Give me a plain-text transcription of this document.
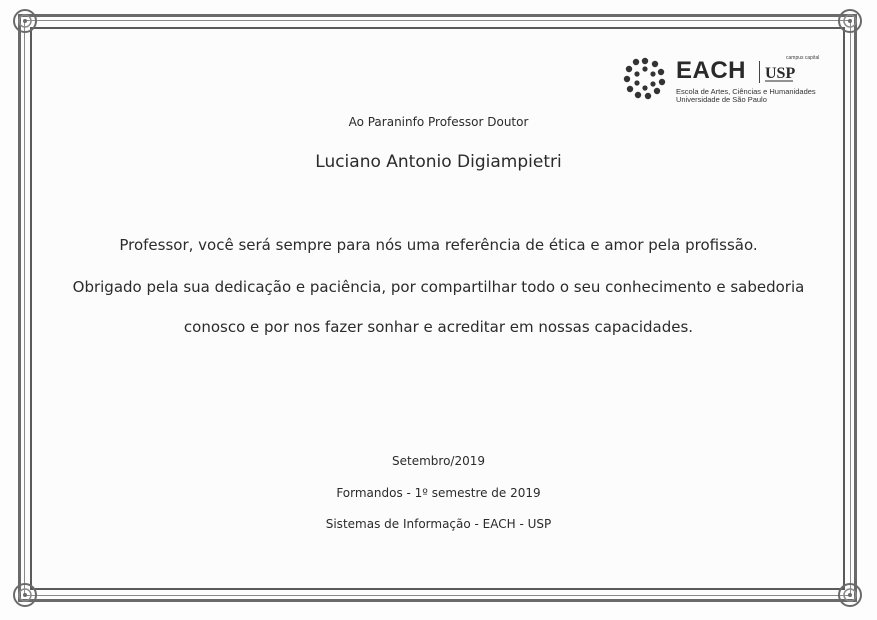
EACH USP
campus capital
Escola de Artes, Ciências e Humanidades
Universidade de São Paulo
Ao Paraninfo Professor Doutor
Luciano Antonio Digiampietri
Professor, você será sempre para nós uma referência de ética e amor pela profissão.
Obrigado pela sua dedicação e paciência, por compartilhar todo o seu conhecimento e sabedoria
conosco e por nos fazer sonhar e acreditar em nossas capacidades.
Setembro/2019
Formandos - 1º semestre de 2019
Sistemas de Informação - EACH - USP
